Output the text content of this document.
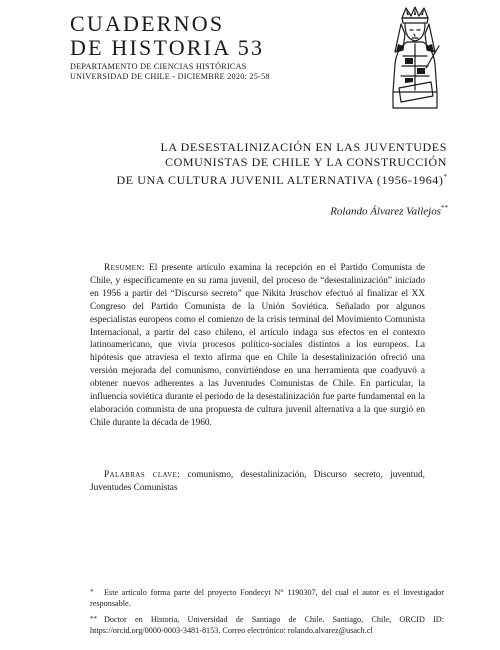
CUADERNOS
DE HISTORIA 53
DEPARTAMENTO DE CIENCIAS HISTÓRICAS
UNIVERSIDAD DE CHILE - DICIEMBRE 2020: 25-58
LA DESESTALINIZACIÓN EN LAS JUVENTUDES
COMUNISTAS DE CHILE Y LA CONSTRUCCIÓN
DE UNA CULTURA JUVENIL ALTERNATIVA (1956-1964)*
Rolando Álvarez Vallejos**

Resumen: El presente artículo examina la recepción en el Partido Comunista de Chile, y específicamente en su rama juvenil, del proceso de “desestalinización” iniciado en 1956 a partir del “Discurso secreto” que Nikita Jruschov efectuó al finalizar el XX Congreso del Partido Comunista de la Unión Soviética. Señalado por algunos especialistas europeos como el comienzo de la crisis terminal del Movimiento Comunista Internacional, a partir del caso chileno, el artículo indaga sus efectos en el contexto latinoamericano, que vivía procesos político-sociales distintos a los europeos. La hipótesis que atraviesa el texto afirma que en Chile la desestalinización ofreció una versión mejorada del comunismo, convirtiéndose en una herramienta que coadyuvó a obtener nuevos adherentes a las Juventudes Comunistas de Chile. En particular, la influencia soviética durante el período de la desestalinización fue parte fundamental en la elaboración comunista de una propuesta de cultura juvenil alternativa a la que surgió en Chile durante la década de 1960.

Palabras clave: comunismo, desestalinización, Discurso secreto, juventud, Juventudes Comunistas

* Este artículo forma parte del proyecto Fondecyt N° 1190307, del cual el autor es el Investigador responsable.

** Doctor en Historia, Universidad de Santiago de Chile. Santiago, Chile, ORCID ID: https://orcid.org/0000-0003-3481-8153. Correo electrónico: rolando.alvarez@usach.cl
